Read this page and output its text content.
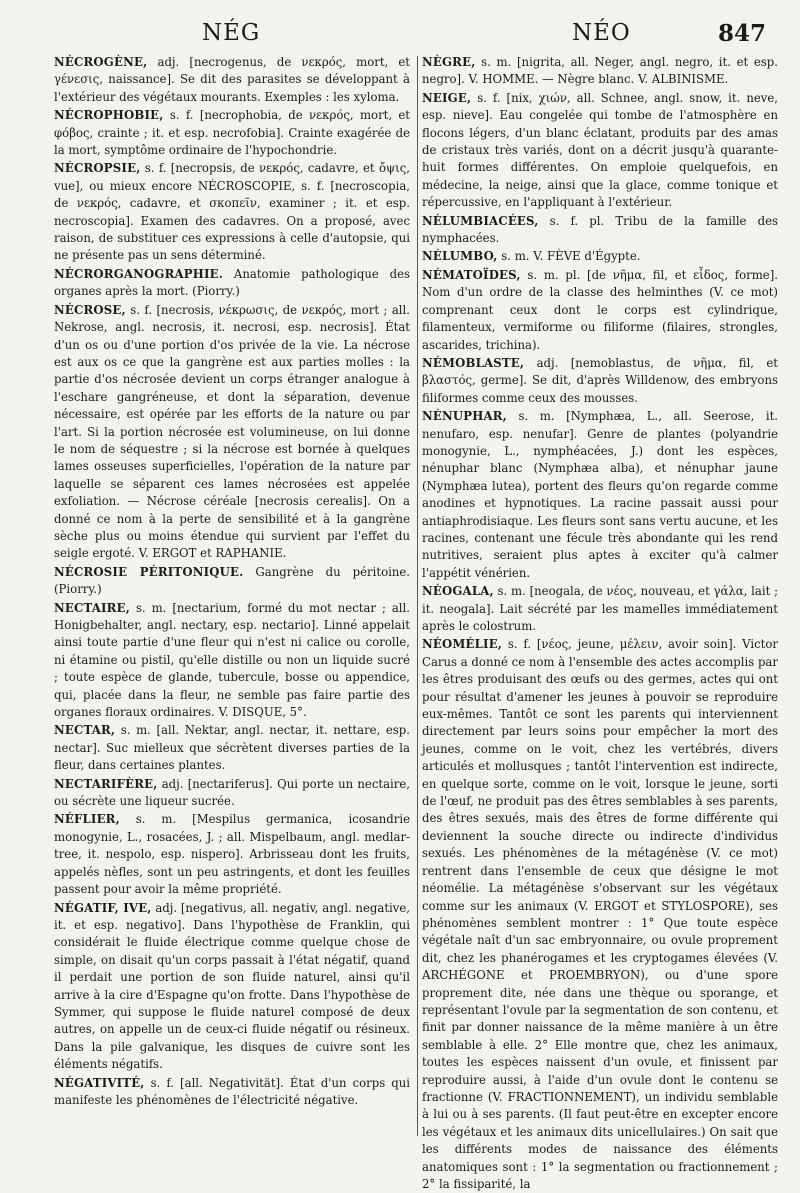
NÉG	NÉO	847

NÉCROGÈNE, adj. [necrogenus, de νεκρός, mort, et γένεσις, naissance]. Se dit des parasites se développant à l'extérieur des végétaux mourants. Exemples : les xyloma.

NÉCROPHOBIE, s. f. [necrophobia, de νεκρός, mort, et φόβος, crainte ; it. et esp. necrofobia]. Crainte exagérée de la mort, symptôme ordinaire de l'hypochondrie.

NÉCROPSIE, s. f. [necropsis, de νεκρός, cadavre, et ὄψις, vue], ou mieux encore NÉCROSCOPIE, s. f. [necroscopia, de νεκρός, cadavre, et σκοπεῖν, examiner ; it. et esp. necroscopia]. Examen des cadavres. On a proposé, avec raison, de substituer ces expressions à celle d'autopsie, qui ne présente pas un sens déterminé.

NÉCRORGANOGRAPHIE. Anatomie pathologique des organes après la mort. (Piorry.)

NÉCROSE, s. f. [necrosis, νέκρωσις, de νεκρός, mort ; all. Nekrose, angl. necrosis, it. necrosi, esp. necrosis]. État d'un os ou d'une portion d'os privée de la vie. La nécrose est aux os ce que la gangrène est aux parties molles : la partie d'os nécrosée devient un corps étranger analogue à l'eschare gangréneuse, et dont la séparation, devenue nécessaire, est opérée par les efforts de la nature ou par l'art. Si la portion nécrosée est volumineuse, on lui donne le nom de séquestre ; si la nécrose est bornée à quelques lames osseuses superficielles, l'opération de la nature par laquelle se séparent ces lames nécrosées est appelée exfoliation. — Nécrose céréale [necrosis cerealis]. On a donné ce nom à la perte de sensibilité et à la gangrène sèche plus ou moins étendue qui survient par l'effet du seigle ergoté. V. ERGOT et RAPHANIE.

NÉCROSIE PÉRITONIQUE. Gangrène du péritoine. (Piorry.)

NECTAIRE, s. m. [nectarium, formé du mot nectar ; all. Honigbehalter, angl. nectary, esp. nectario]. Linné appelait ainsi toute partie d'une fleur qui n'est ni calice ou corolle, ni étamine ou pistil, qu'elle distille ou non un liquide sucré ; toute espèce de glande, tubercule, bosse ou appendice, qui, placée dans la fleur, ne semble pas faire partie des organes floraux ordinaires. V. DISQUE, 5°.

NECTAR, s. m. [all. Nektar, angl. nectar, it. nettare, esp. nectar]. Suc mielleux que sécrètent diverses parties de la fleur, dans certaines plantes.

NECTARIFÈRE, adj. [nectariferus]. Qui porte un nectaire, ou sécrète une liqueur sucrée.

NÉFLIER, s. m. [Mespilus germanica, icosandrie monogynie, L., rosacées, J. ; all. Mispelbaum, angl. medlar-tree, it. nespolo, esp. nispero]. Arbrisseau dont les fruits, appelés nèfles, sont un peu astringents, et dont les feuilles passent pour avoir la même propriété.

NÉGATIF, IVE, adj. [negativus, all. negativ, angl. negative, it. et esp. negativo]. Dans l'hypothèse de Franklin, qui considérait le fluide électrique comme quelque chose de simple, on disait qu'un corps passait à l'état négatif, quand il perdait une portion de son fluide naturel, ainsi qu'il arrive à la cire d'Espagne qu'on frotte. Dans l'hypothèse de Symmer, qui suppose le fluide naturel composé de deux autres, on appelle un de ceux-ci fluide négatif ou résineux. Dans la pile galvanique, les disques de cuivre sont les éléments négatifs.

NÉGATIVITÉ, s. f. [all. Negativität]. État d'un corps qui manifeste les phénomènes de l'électricité négative.

NÈGRE, s. m. [nigrita, all. Neger, angl. negro, it. et esp. negro]. V. HOMME. — Nègre blanc. V. ALBINISME.

NEIGE, s. f. [nix, χιών, all. Schnee, angl. snow, it. neve, esp. nieve]. Eau congelée qui tombe de l'atmosphère en flocons légers, d'un blanc éclatant, produits par des amas de cristaux très variés, dont on a décrit jusqu'à quarante-huit formes différentes. On emploie quelquefois, en médecine, la neige, ainsi que la glace, comme tonique et répercussive, en l'appliquant à l'extérieur.

NÉLUMBIACÉES, s. f. pl. Tribu de la famille des nymphacées.

NÉLUMBO, s. m. V. FÈVE d'Égypte.

NÉMATOÏDES, s. m. pl. [de νῆμα, fil, et εἶδος, forme]. Nom d'un ordre de la classe des helminthes (V. ce mot) comprenant ceux dont le corps est cylindrique, filamenteux, vermiforme ou filiforme (filaires, strongles, ascarides, trichina).

NÉMOBLASTE, adj. [nemoblastus, de νῆμα, fil, et βλαστός, germe]. Se dit, d'après Willdenow, des embryons filiformes comme ceux des mousses.

NÉNUPHAR, s. m. [Nymphæa, L., all. Seerose, it. nenufaro, esp. nenufar]. Genre de plantes (polyandrie monogynie, L., nymphéacées, J.) dont les espèces, nénuphar blanc (Nymphæa alba), et nénuphar jaune (Nymphæa lutea), portent des fleurs qu'on regarde comme anodines et hypnotiques. La racine passait aussi pour antiaphrodisiaque. Les fleurs sont sans vertu aucune, et les racines, contenant une fécule très abondante qui les rend nutritives, seraient plus aptes à exciter qu'à calmer l'appétit vénérien.

NÉOGALA, s. m. [neogala, de νέος, nouveau, et γάλα, lait ; it. neogala]. Lait sécrété par les mamelles immédiatement après le colostrum.

NÉOMÉLIE, s. f. [νέος, jeune, μέλειν, avoir soin]. Victor Carus a donné ce nom à l'ensemble des actes accomplis par les êtres produisant des œufs ou des germes, actes qui ont pour résultat d'amener les jeunes à pouvoir se reproduire eux-mêmes. Tantôt ce sont les parents qui interviennent directement par leurs soins pour empêcher la mort des jeunes, comme on le voit, chez les vertébrés, divers articulés et mollusques ; tantôt l'intervention est indirecte, en quelque sorte, comme on le voit, lorsque le jeune, sorti de l'œuf, ne produit pas des êtres semblables à ses parents, des êtres sexués, mais des êtres de forme différente qui deviennent la souche directe ou indirecte d'individus sexués. Les phénomènes de la métagénèse (V. ce mot) rentrent dans l'ensemble de ceux que désigne le mot néomélie. La métagénèse s'observant sur les végétaux comme sur les animaux (V. ERGOT et STYLOSPORE), ses phénomènes semblent montrer : 1° Que toute espèce végétale naît d'un sac embryonnaire, ou ovule proprement dit, chez les phanérogames et les cryptogames élevées (V. ARCHÉGONE et PROEMBRYON), ou d'une spore proprement dite, née dans une thèque ou sporange, et représentant l'ovule par la segmentation de son contenu, et finit par donner naissance de la même manière à un être semblable à elle. 2° Elle montre que, chez les animaux, toutes les espèces naissent d'un ovule, et finissent par reproduire aussi, à l'aide d'un ovule dont le contenu se fractionne (V. FRACTIONNEMENT), un individu semblable à lui ou à ses parents. (Il faut peut-être en excepter encore les végétaux et les animaux dits unicellulaires.) On sait que les différents modes de naissance des éléments anatomiques sont : 1° la segmentation ou fractionnement ; 2° la fissiparité, la
